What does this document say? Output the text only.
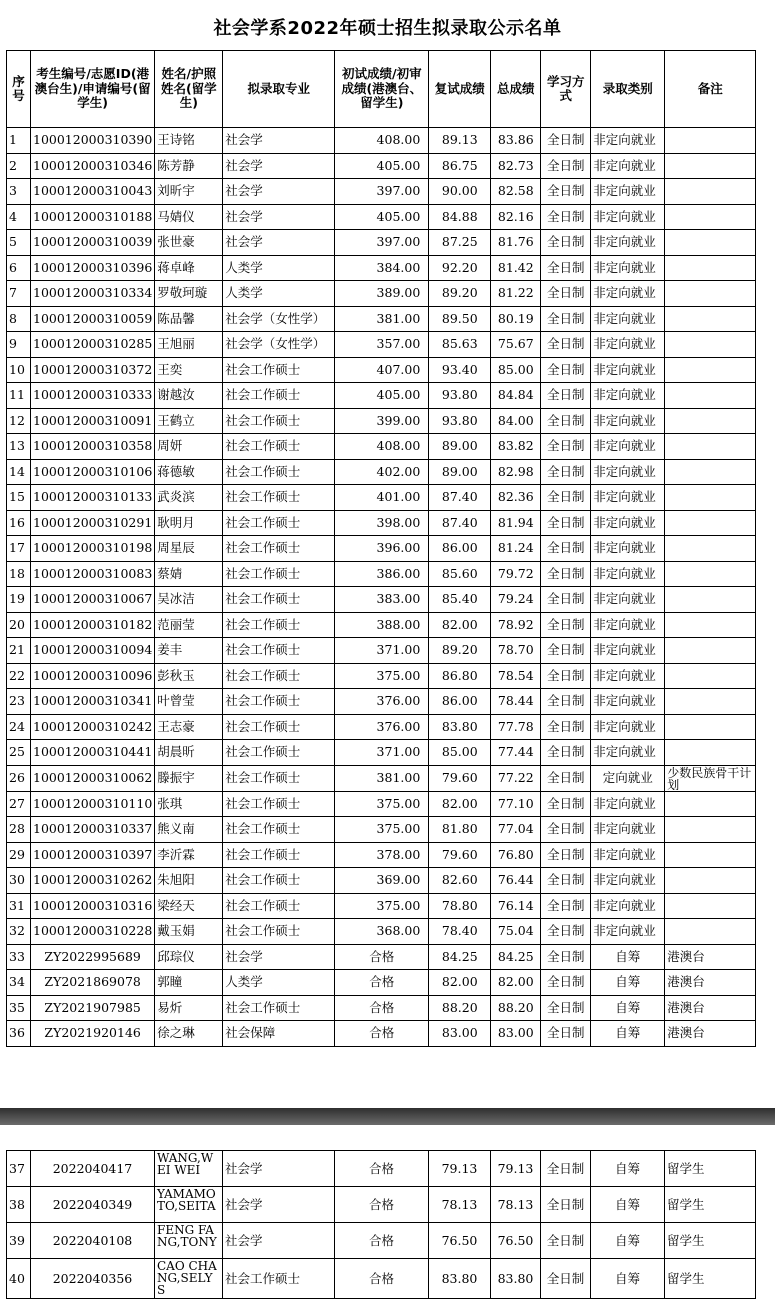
社会学系2022年硕士招生拟录取公示名单
序号	考生编号/志愿ID(港澳台生)/申请编号(留学生)	姓名/护照姓名(留学生)	拟录取专业	初试成绩/初审成绩(港澳台、留学生)	复试成绩	总成绩	学习方式	录取类别	备注
1	100012000310390	王诗铭	社会学	408.00	89.13	83.86	全日制	非定向就业	
2	100012000310346	陈芳静	社会学	405.00	86.75	82.73	全日制	非定向就业	
3	100012000310043	刘昕宇	社会学	397.00	90.00	82.58	全日制	非定向就业	
4	100012000310188	马婧仪	社会学	405.00	84.88	82.16	全日制	非定向就业	
5	100012000310039	张世豪	社会学	397.00	87.25	81.76	全日制	非定向就业	
6	100012000310396	蒋卓峰	人类学	384.00	92.20	81.42	全日制	非定向就业	
7	100012000310334	罗敬珂璇	人类学	389.00	89.20	81.22	全日制	非定向就业	
8	100012000310059	陈品馨	社会学（女性学）	381.00	89.50	80.19	全日制	非定向就业	
9	100012000310285	王旭丽	社会学（女性学）	357.00	85.63	75.67	全日制	非定向就业	
10	100012000310372	王奕	社会工作硕士	407.00	93.40	85.00	全日制	非定向就业	
11	100012000310333	谢越汝	社会工作硕士	405.00	93.80	84.84	全日制	非定向就业	
12	100012000310091	王鹤立	社会工作硕士	399.00	93.80	84.00	全日制	非定向就业	
13	100012000310358	周妍	社会工作硕士	408.00	89.00	83.82	全日制	非定向就业	
14	100012000310106	蒋德敏	社会工作硕士	402.00	89.00	82.98	全日制	非定向就业	
15	100012000310133	武炎滨	社会工作硕士	401.00	87.40	82.36	全日制	非定向就业	
16	100012000310291	耿明月	社会工作硕士	398.00	87.40	81.94	全日制	非定向就业	
17	100012000310198	周星辰	社会工作硕士	396.00	86.00	81.24	全日制	非定向就业	
18	100012000310083	蔡婧	社会工作硕士	386.00	85.60	79.72	全日制	非定向就业	
19	100012000310067	吴冰洁	社会工作硕士	383.00	85.40	79.24	全日制	非定向就业	
20	100012000310182	范丽莹	社会工作硕士	388.00	82.00	78.92	全日制	非定向就业	
21	100012000310094	姜丰	社会工作硕士	371.00	89.20	78.70	全日制	非定向就业	
22	100012000310096	彭秋玉	社会工作硕士	375.00	86.80	78.54	全日制	非定向就业	
23	100012000310341	叶曾莹	社会工作硕士	376.00	86.00	78.44	全日制	非定向就业	
24	100012000310242	王志豪	社会工作硕士	376.00	83.80	77.78	全日制	非定向就业	
25	100012000310441	胡晨昕	社会工作硕士	371.00	85.00	77.44	全日制	非定向就业	
26	100012000310062	滕振宇	社会工作硕士	381.00	79.60	77.22	全日制	定向就业	少数民族骨干计划
27	100012000310110	张琪	社会工作硕士	375.00	82.00	77.10	全日制	非定向就业	
28	100012000310337	熊义南	社会工作硕士	375.00	81.80	77.04	全日制	非定向就业	
29	100012000310397	李沂霖	社会工作硕士	378.00	79.60	76.80	全日制	非定向就业	
30	100012000310262	朱旭阳	社会工作硕士	369.00	82.60	76.44	全日制	非定向就业	
31	100012000310316	梁经天	社会工作硕士	375.00	78.80	76.14	全日制	非定向就业	
32	100012000310228	戴玉娟	社会工作硕士	368.00	78.40	75.04	全日制	非定向就业	
33	ZY2022995689	邱琮仪	社会学	合格	84.25	84.25	全日制	自筹	港澳台
34	ZY2021869078	郭瞳	人类学	合格	82.00	82.00	全日制	自筹	港澳台
35	ZY2021907985	易炘	社会工作硕士	合格	88.20	88.20	全日制	自筹	港澳台
36	ZY2021920146	徐之琳	社会保障	合格	83.00	83.00	全日制	自筹	港澳台
37	2022040417	WANG,WEI WEI	社会学	合格	79.13	79.13	全日制	自筹	留学生
38	2022040349	YAMAMOTO,SEITA	社会学	合格	78.13	78.13	全日制	自筹	留学生
39	2022040108	FENG FANG,TONY	社会学	合格	76.50	76.50	全日制	自筹	留学生
40	2022040356	CAO CHANG,SELYS	社会工作硕士	合格	83.80	83.80	全日制	自筹	留学生
